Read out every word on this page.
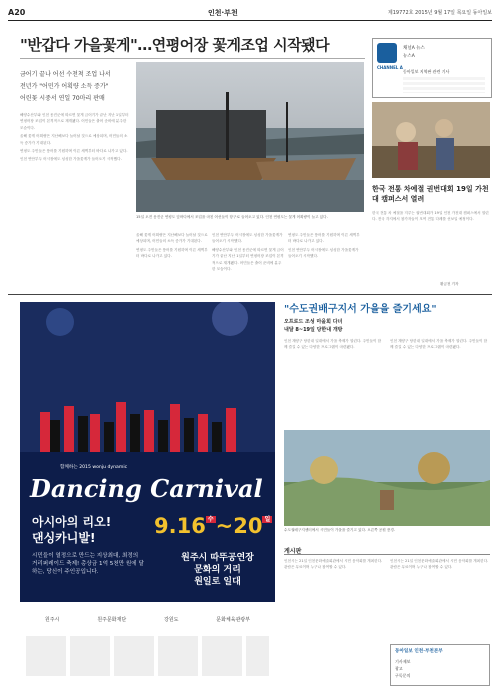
A20	인천·부천	제19772호 2015년 9월 17일 목요일 동아일보
"반갑다 가을꽃게"…연평어장 꽃게조업 시작됐다
금어기 끝나 어선 수천척 조업 나서
전년가 "어민가 어획량 소득 증가"
어린꽃 시중서 연일 70마리 판매

해양수산부와 인천 옹진군에 따르면 꽃게 금어기가 끝난 지난 1일부터 연평어장 조업이 본격적으로 재개됐다. 어민들은 출어 준비에 분주한 모습이다.

올해 꽃게 어획량은 지난해보다 늘어날 것으로 예상되며, 어민들의 소득 증가가 기대된다.

연평도 주민들은 풍어를 기원하며 이른 새벽부터 바다로 나가고 있다.

인천 연안부두 어시장에도 싱싱한 가을꽃게가 들어오기 시작했다.

15일 오전 옹진군 연평도 앞바다에서 조업을 마친 어선들이 항구로 들어오고 있다. 인천 연평도는 꽃게 어획량이 늘고 있다.

올해 꽃게 어획량은 지난해보다 늘어날 것으로 예상되며, 어민들의 소득 증가가 기대된다.

연평도 주민들은 풍어를 기원하며 이른 새벽부터 바다로 나가고 있다.

인천 연안부두 어시장에도 싱싱한 가을꽃게가 들어오기 시작했다.

해양수산부와 인천 옹진군에 따르면 꽃게 금어기가 끝난 지난 1일부터 연평어장 조업이 본격적으로 재개됐다. 어민들은 출어 준비에 분주한 모습이다.

연평도 주민들은 풍어를 기원하며 이른 새벽부터 바다로 나가고 있다.

인천 연안부두 어시장에도 싱싱한 가을꽃게가 들어오기 시작했다.

CHANNEL A
채널A 뉴스
뉴스A
동아일보 지역판 관련 기사
한국 전통 차예절 권번대회 19일 가천대 캠퍼스서 열려

한국 전통 차 예절을 겨루는 권번대회가 19일 인천 가천대 캠퍼스에서 열린다. 전국 각지에서 참가자들이 모여 전통 다례를 선보일 예정이다.

황금천 기자
함께하는 2015 wonju dynamic
Dancing Carnival
아시아의 리오!
댄싱카니발!
시민들이 열정으로 만드는 지상최대, 최정의 거리퍼레이드 축제! 총상금 1억 5천만 원에 달하는, 당신이 주인공입니다.
9.16 $^수$~20 $^일$
원주시 따뚜공연장
문화의 거리
원일로 일대
원주시	원주문화재단	강원도	문화체육관광부
"수도권배구지서 가을을 즐기세요"
오프로드 조성 마을회 다녀
내달 8~19일 당한내 개방

인천 계양구 당한내 일대에서 가을 축제가 열린다. 주민들이 함께 즐길 수 있는 다양한 프로그램이 마련됐다.

인천 계양구 당한내 일대에서 가을 축제가 열린다. 주민들이 함께 즐길 수 있는 다양한 프로그램이 마련됐다.

수도권배구지센터에서 시민들이 가을을 즐기고 있다. 오른쪽 공원 풍경.
게시판

인천시는 21일 인천문화예술회관에서 시민 음악회를 개최한다. 관람은 무료이며 누구나 참여할 수 있다.

인천시는 21일 인천문화예술회관에서 시민 음악회를 개최한다. 관람은 무료이며 누구나 참여할 수 있다.

동아일보 인천·부천본부
기사제보
광고
구독문의
